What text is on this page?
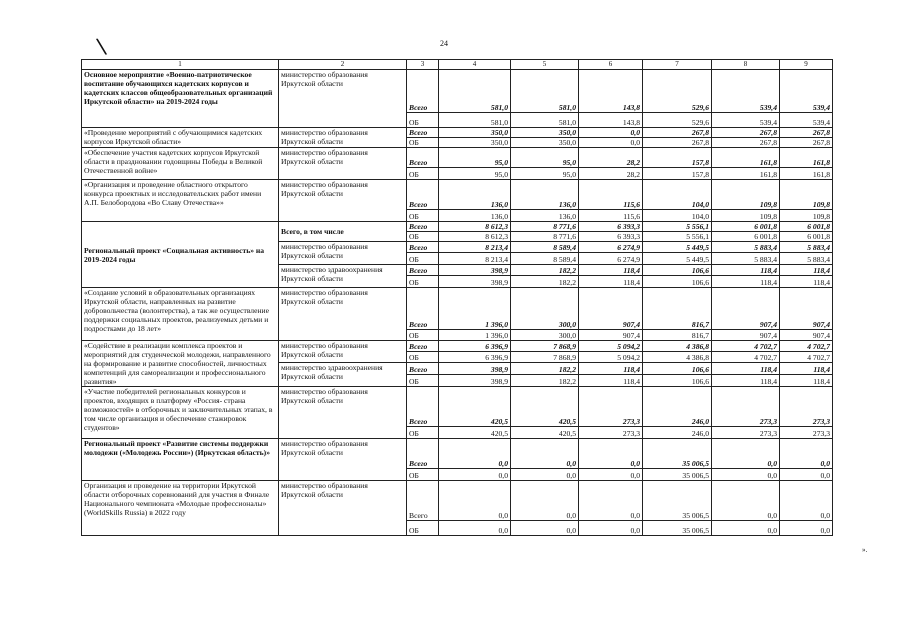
\	24
1	2	3	4	5	6	7	8	9
Основное мероприятие «Военно-патриотическое воспитание обучающихся кадетских корпусов и кадетских классов общеобразовательных организаций Иркутской области» на 2019-2024 годы	министерство образования Иркутской области	Всего	581,0	581,0	143,8	529,6	539,4	539,4
		ОБ	581,0	581,0	143,8	529,6	539,4	539,4
«Проведение мероприятий с обучающимися кадетских корпусов Иркутской области»	министерство образования Иркутской области	Всего	350,0	350,0	0,0	267,8	267,8	267,8
		ОБ	350,0	350,0	0,0	267,8	267,8	267,8
«Обеспечение участия кадетских корпусов Иркутской области в праздновании годовщины Победы в Великой Отечественной войне»	министерство образования Иркутской области	Всего	95,0	95,0	28,2	157,8	161,8	161,8
		ОБ	95,0	95,0	28,2	157,8	161,8	161,8
«Организация и проведение областного открытого конкурса проектных и исследовательских работ имени А.П. Белобородова «Во Славу Отечества»»	министерство образования Иркутской области	Всего	136,0	136,0	115,6	104,0	109,8	109,8
		ОБ	136,0	136,0	115,6	104,0	109,8	109,8
Региональный проект «Социальная активность» на 2019-2024 годы	Всего, в том числе	Всего	8 612,3	8 771,6	6 393,3	5 556,1	6 001,8	6 001,8
		ОБ	8 612,3	8 771,6	6 393,3	5 556,1	6 001,8	6 001,8
	министерство образования Иркутской области	Всего	8 213,4	8 589,4	6 274,9	5 449,5	5 883,4	5 883,4
		ОБ	8 213,4	8 589,4	6 274,9	5 449,5	5 883,4	5 883,4
	министерство здравоохранения Иркутской области	Всего	398,9	182,2	118,4	106,6	118,4	118,4
		ОБ	398,9	182,2	118,4	106,6	118,4	118,4
«Создание условий в образовательных организациях Иркутской области, направленных на развитие добровольчества (волонтерства), а так же осуществление поддержки социальных проектов, реализуемых детьми и подростками до 18 лет»	министерство образования Иркутской области	Всего	1 396,0	300,0	907,4	816,7	907,4	907,4
		ОБ	1 396,0	300,0	907,4	816,7	907,4	907,4
«Содействие в реализации комплекса проектов и мероприятий для студенческой молодежи, направленного на формирование и развитие способностей, личностных компетенций для самореализации и профессионального развития»	министерство образования Иркутской области	Всего	6 396,9	7 868,9	5 094,2	4 386,8	4 702,7	4 702,7
		ОБ	6 396,9	7 868,9	5 094,2	4 386,8	4 702,7	4 702,7
	министерство здравоохранения Иркутской области	Всего	398,9	182,2	118,4	106,6	118,4	118,4
		ОБ	398,9	182,2	118,4	106,6	118,4	118,4
«Участие победителей региональных конкурсов и проектов, входящих в платформу «Россия- страна возможностей» в отборочных и заключительных этапах, в том числе организация и обеспечение стажировок студентов»	министерство образования Иркутской области	Всего	420,5	420,5	273,3	246,0	273,3	273,3
		ОБ	420,5	420,5	273,3	246,0	273,3	273,3
Региональный проект «Развитие системы поддержки молодежи («Молодежь России») (Иркутская область)»	министерство образования Иркутской области	Всего	0,0	0,0	0,0	35 006,5	0,0	0,0
		ОБ	0,0	0,0	0,0	35 006,5	0,0	0,0
Организация и проведение на территории Иркутской области отборочных соревнований для участия в Финале Национального чемпионата «Молодые профессионалы» (WorldSkills Russia) в 2022 году	министерство образования Иркутской области	Всего	0,0	0,0	0,0	35 006,5	0,0	0,0
		ОБ	0,0	0,0	0,0	35 006,5	0,0	0,0
».
